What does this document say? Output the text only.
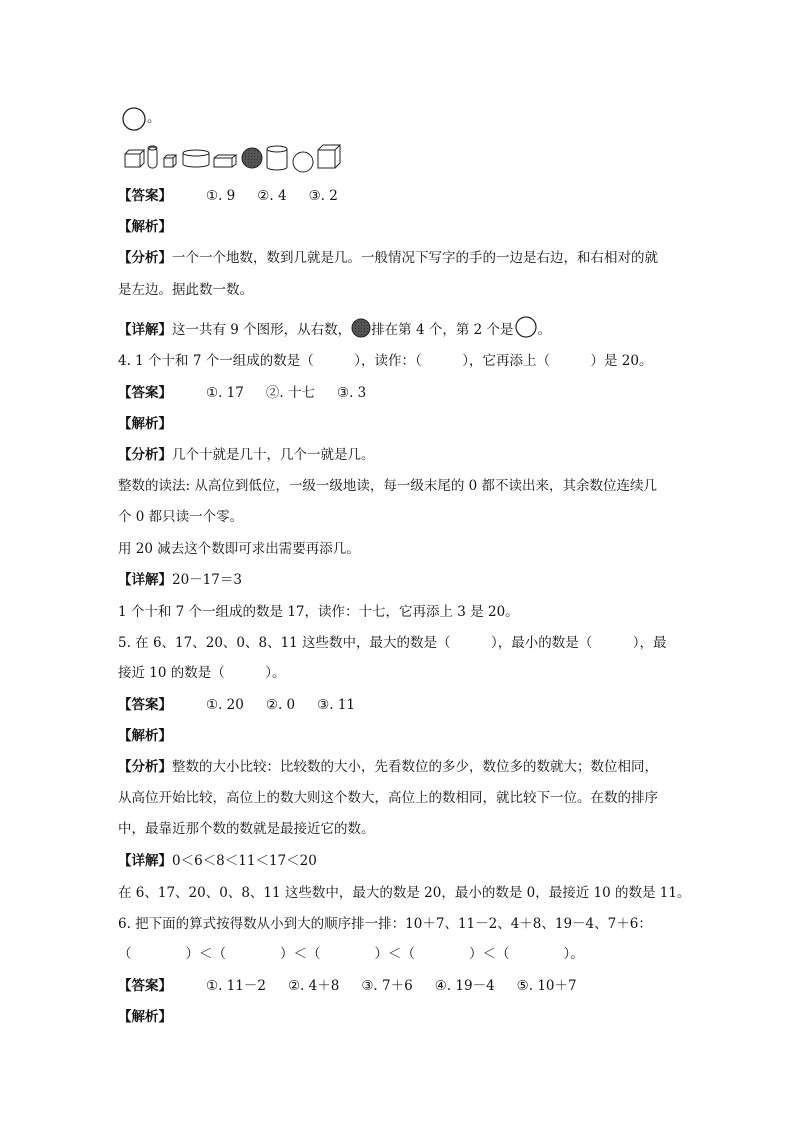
。
【答案】	①. 9 ②. 4 ③. 2
【解析】
【分析】一个一个地数，数到几就是几。一般情况下写字的手的一边是右边，和右相对的就
是左边。据此数一数。
【详解】这一共有 9 个图形，从右数， 排在第 4 个，第 2 个是 。
4. 1 个十和 7 个一组成的数是（　　　），读作：（　　　），它再添上（　　　）是 20。
【答案】	①. 17 ②. 十七 ③. 3
【解析】
【分析】几个十就是几十，几个一就是几。
整数的读法: 从高位到低位，一级一级地读，每一级末尾的 0 都不读出来，其余数位连续几
个 0 都只读一个零。
用 20 减去这个数即可求出需要再添几。
【详解】20－17＝3
1 个十和 7 个一组成的数是 17，读作：十七，它再添上 3 是 20。
5. 在 6、17、20、0、8、11 这些数中，最大的数是（　　　），最小的数是（　　　），最
接近 10 的数是（　　　）。
【答案】	①. 20 ②. 0 ③. 11
【解析】
【分析】整数的大小比较：比较数的大小，先看数位的多少，数位多的数就大；数位相同，
从高位开始比较，高位上的数大则这个数大，高位上的数相同，就比较下一位。在数的排序
中，最靠近那个数的数就是最接近它的数。
【详解】0＜6＜8＜11＜17＜20
在 6、17、20、0、8、11 这些数中，最大的数是 20，最小的数是 0，最接近 10 的数是 11。
6. 把下面的算式按得数从小到大的顺序排一排：10＋7、11－2、4＋8、19－4、7＋6：
（　　　　）＜（　　　　）＜（　　　　）＜（　　　　）＜（　　　　）。
【答案】	①. 11－2 ②. 4＋8 ③. 7＋6 ④. 19－4 ⑤. 10＋7
【解析】
